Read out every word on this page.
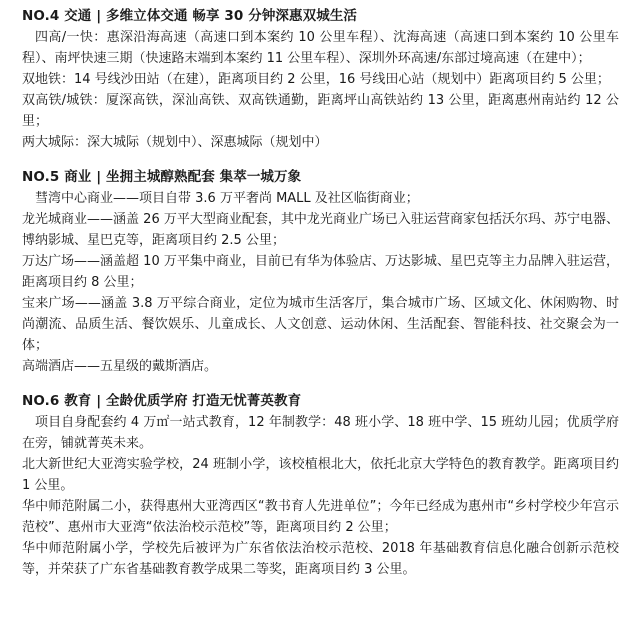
NO.4 交通 | 多维立体交通 畅享 30 分钟深惠双城生活

四高/一快：惠深沿海高速（高速口到本案约 10 公里车程）、沈海高速（高速口到本案约 10 公里车程）、南坪快速三期（快速路末端到本案约 11 公里车程）、深圳外环高速/东部过境高速（在建中）；

双地铁：14 号线沙田站（在建），距离项目约 2 公里，16 号线田心站（规划中）距离项目约 5 公里；

双高铁/城铁：厦深高铁，深汕高铁、双高铁通勤，距离坪山高铁站约 13 公里，距离惠州南站约 12 公里；

两大城际：深大城际（规划中）、深惠城际（规划中）

NO.5 商业 | 坐拥主城醇熟配套 集萃一城万象

彗湾中心商业——项目自带 3.6 万平奢尚 MALL 及社区临街商业；

龙光城商业——涵盖 26 万平大型商业配套，其中龙光商业广场已入驻运营商家包括沃尔玛、苏宁电器、博纳影城、星巴克等，距离项目约 2.5 公里；

万达广场——涵盖超 10 万平集中商业，目前已有华为体验店、万达影城、星巴克等主力品牌入驻运营，距离项目约 8 公里；

宝来广场——涵盖 3.8 万平综合商业，定位为城市生活客厅，集合城市广场、区域文化、休闲购物、时尚潮流、品质生活、餐饮娱乐、儿童成长、人文创意、运动休闲、生活配套、智能科技、社交聚会为一体；

高端酒店——五星级的戴斯酒店。

NO.6 教育 | 全龄优质学府 打造无忧菁英教育

项目自身配套约 4 万㎡一站式教育，12 年制教学：48 班小学、18 班中学、15 班幼儿园；优质学府在旁，铺就菁英未来。

北大新世纪大亚湾实验学校，24 班制小学，该校植根北大，依托北京大学特色的教育教学。距离项目约 1 公里。

华中师范附属二小，获得惠州大亚湾西区“教书育人先进单位”；今年已经成为惠州市“乡村学校少年宫示范校”、惠州市大亚湾“依法治校示范校”等，距离项目约 2 公里；

华中师范附属小学，学校先后被评为广东省依法治校示范校、2018 年基础教育信息化融合创新示范校等，并荣获了广东省基础教育教学成果二等奖，距离项目约 3 公里。
